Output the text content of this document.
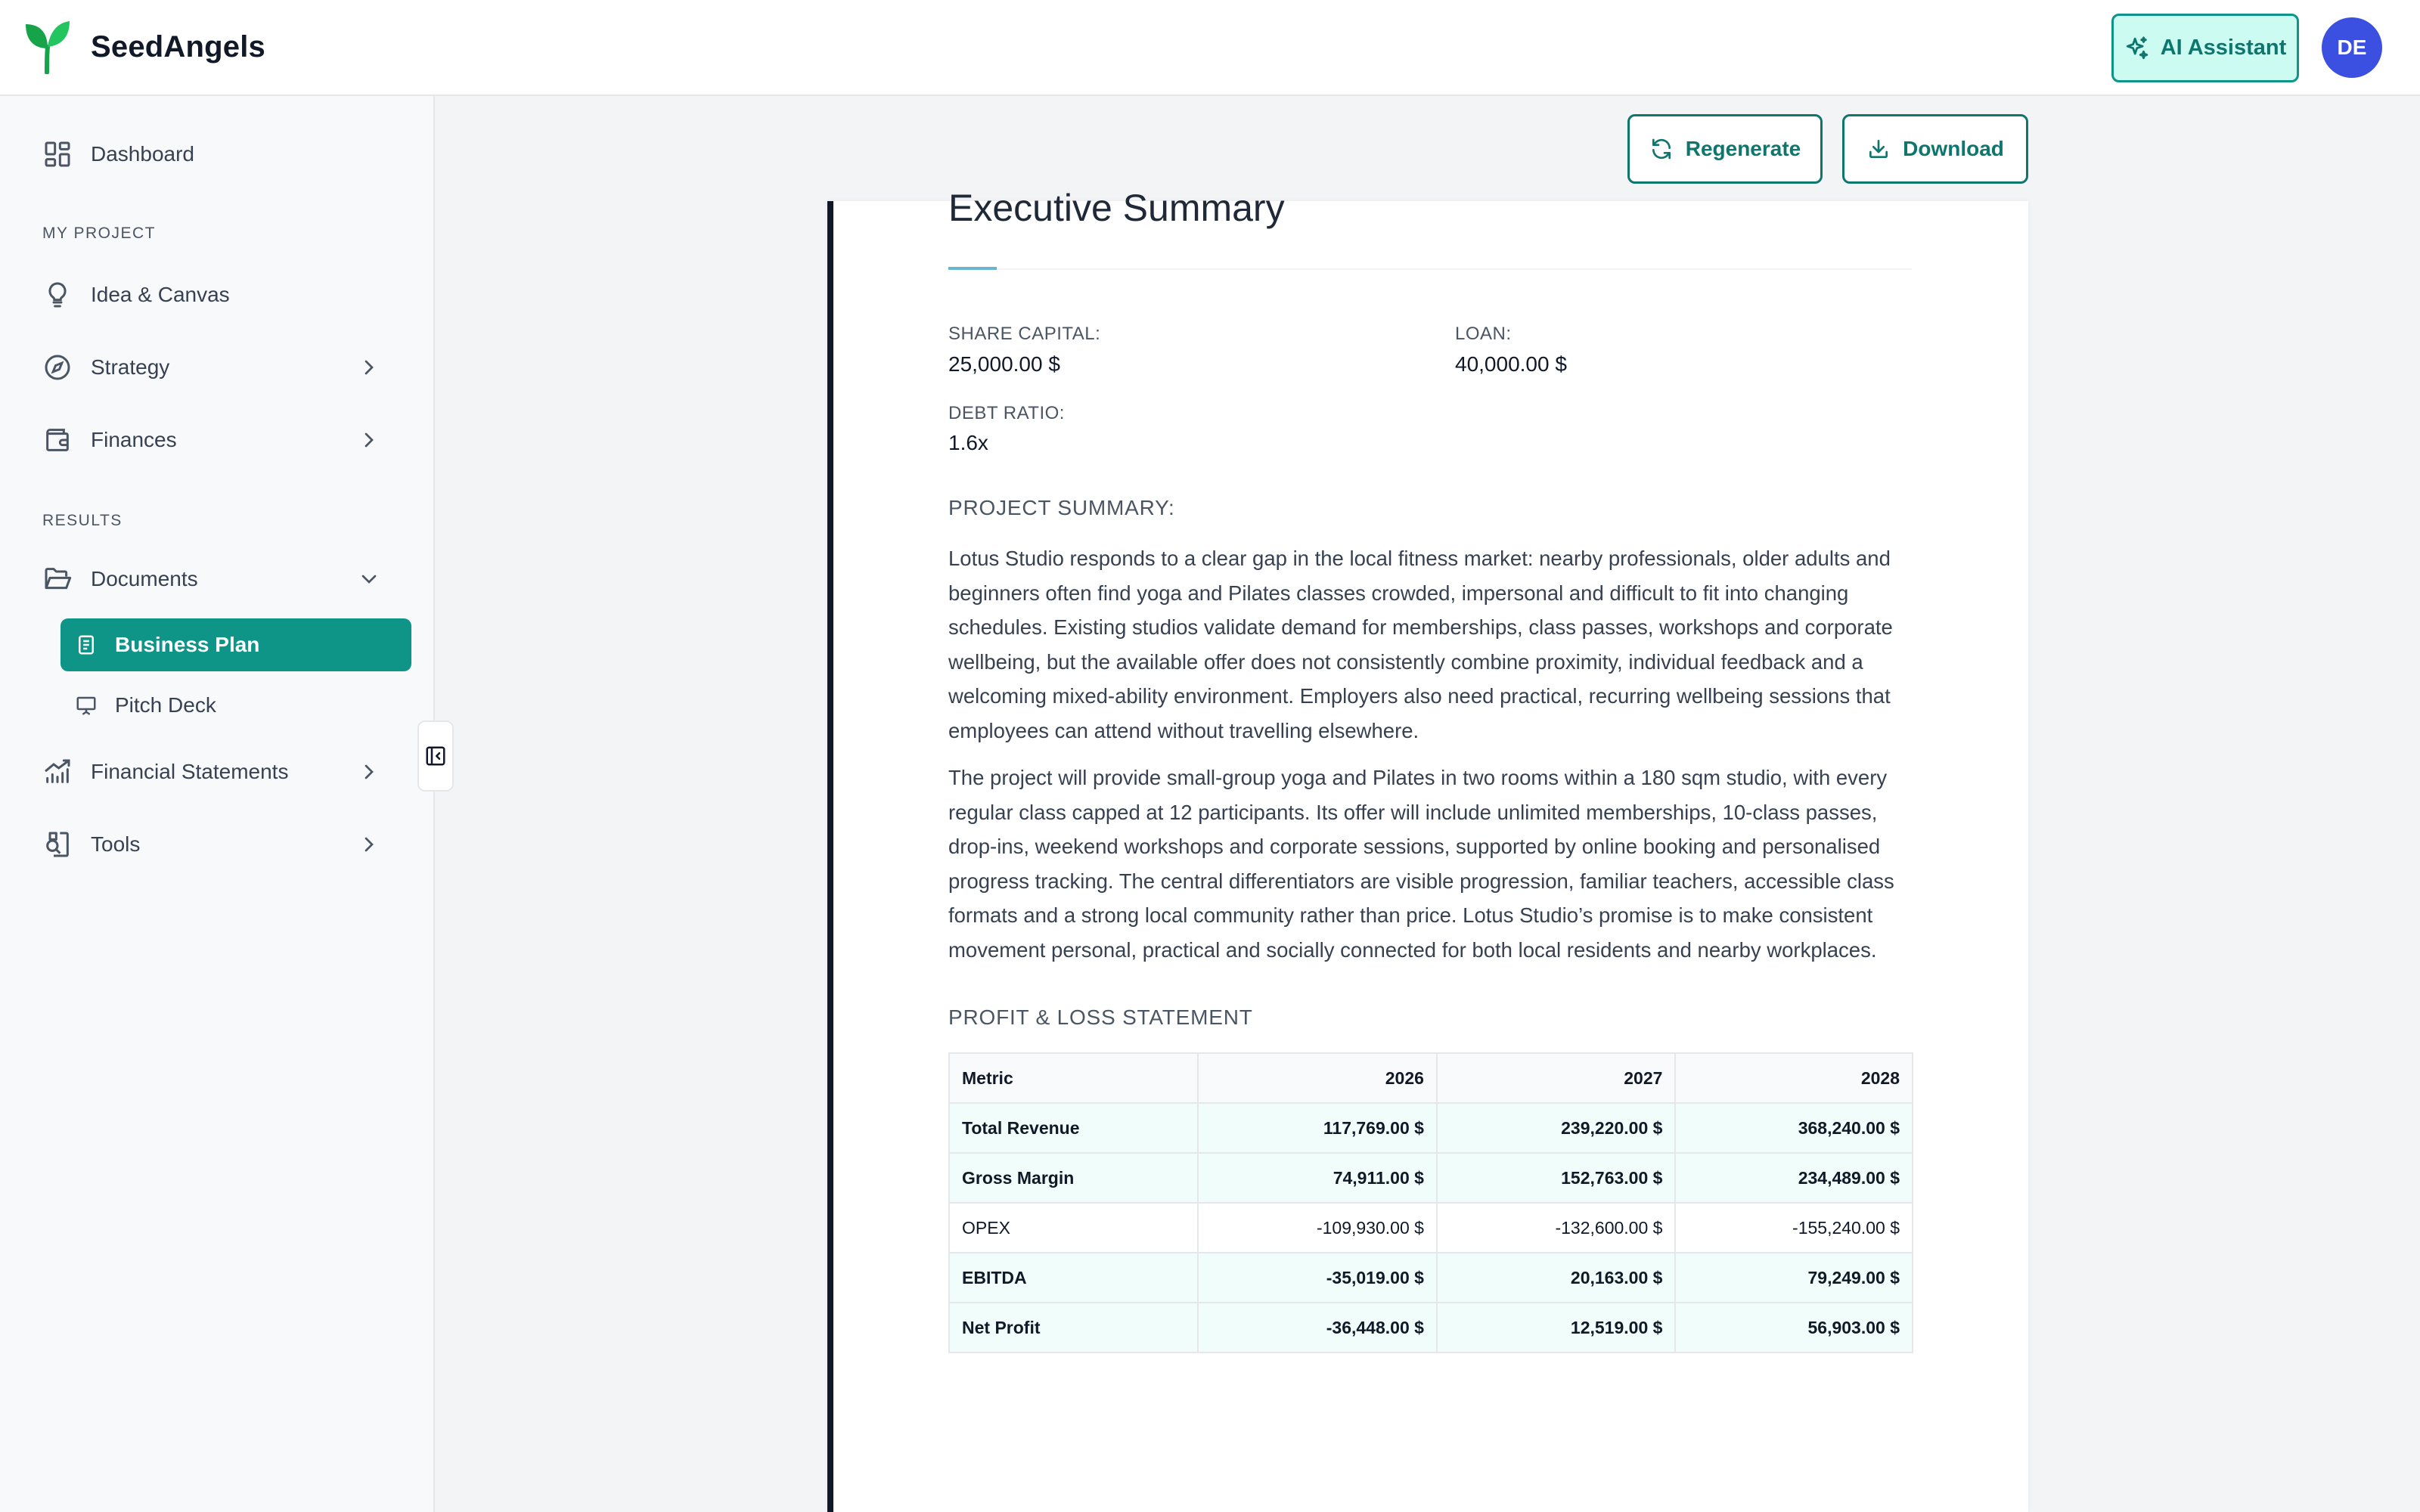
SeedAngels	AI Assistant	DE
Dashboard
MY PROJECT
Idea & Canvas
Strategy
Finances
RESULTS
Documents
Business Plan
Pitch Deck
Financial Statements
Tools
Executive Summary
SHARE CAPITAL:
25,000.00 $
LOAN:
40,000.00 $
DEBT RATIO:
1.6x
PROJECT SUMMARY:
Lotus Studio responds to a clear gap in the local fitness market: nearby professionals, older adults and beginners often find yoga and Pilates classes crowded, impersonal and difficult to fit into changing schedules. Existing studios validate demand for memberships, class passes, workshops and corporate wellbeing, but the available offer does not consistently combine proximity, individual feedback and a welcoming mixed-ability environment. Employers also need practical, recurring wellbeing sessions that employees can attend without travelling elsewhere.
The project will provide small-group yoga and Pilates in two rooms within a 180 sqm studio, with every regular class capped at 12 participants. Its offer will include unlimited memberships, 10-class passes, drop-ins, weekend workshops and corporate sessions, supported by online booking and personalised progress tracking. The central differentiators are visible progression, familiar teachers, accessible class formats and a strong local community rather than price. Lotus Studio’s promise is to make consistent movement personal, practical and socially connected for both local residents and nearby workplaces.
PROFIT & LOSS STATEMENT
Metric	2026	2027	2028
Total Revenue	117,769.00 $	239,220.00 $	368,240.00 $
Gross Margin	74,911.00 $	152,763.00 $	234,489.00 $
OPEX	-109,930.00 $	-132,600.00 $	-155,240.00 $
EBITDA	-35,019.00 $	20,163.00 $	79,249.00 $
Net Profit	-36,448.00 $	12,519.00 $	56,903.00 $
Regenerate	Download
